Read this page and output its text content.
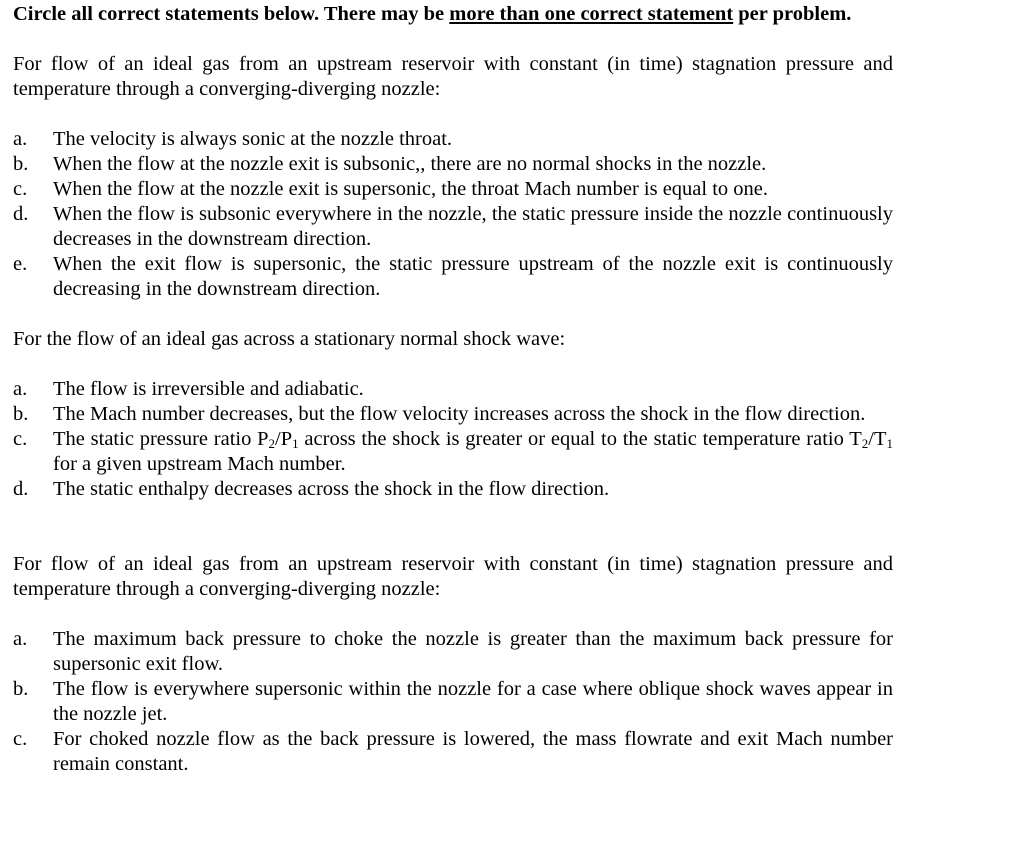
Circle all correct statements below. There may be more than one correct statement per problem.
For flow of an ideal gas from an upstream reservoir with constant (in time) stagnation pressure and temperature through a converging-diverging nozzle:
a.	The velocity is always sonic at the nozzle throat.
b.	When the flow at the nozzle exit is subsonic,, there are no normal shocks in the nozzle.
c.	When the flow at the nozzle exit is supersonic, the throat Mach number is equal to one.
d.	When the flow is subsonic everywhere in the nozzle, the static pressure inside the nozzle continuously decreases in the downstream direction.
e.	When the exit flow is supersonic, the static pressure upstream of the nozzle exit is continuously decreasing in the downstream direction.
For the flow of an ideal gas across a stationary normal shock wave:
a.	The flow is irreversible and adiabatic.
b.	The Mach number decreases, but the flow velocity increases across the shock in the flow direction.
c.	The static pressure ratio $P_2/P_1$ across the shock is greater or equal to the static temperature ratio $T_2/T_1$ for a given upstream Mach number.
d.	The static enthalpy decreases across the shock in the flow direction.
For flow of an ideal gas from an upstream reservoir with constant (in time) stagnation pressure and temperature through a converging-diverging nozzle:
a.	The maximum back pressure to choke the nozzle is greater than the maximum back pressure for supersonic exit flow.
b.	The flow is everywhere supersonic within the nozzle for a case where oblique shock waves appear in the nozzle jet.
c.	For choked nozzle flow as the back pressure is lowered, the mass flowrate and exit Mach number remain constant.
